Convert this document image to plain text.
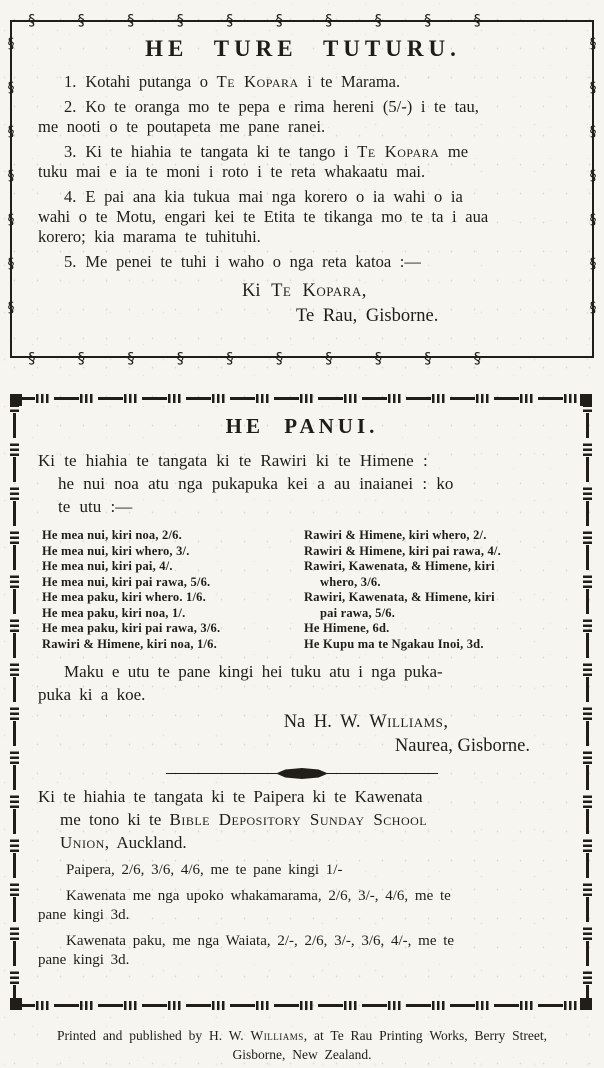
§§§§§§§§§§
§§§§§§§§§§
§§§§§§§	§§§§§§§
HE TURE TUTURU.

1. Kotahi putanga o Te Kopara i te Marama.

2. Ko te oranga mo te pepa e rima hereni (5/-) i te tau,
me nooti o te poutapeta me pane ranei.

3. Ki te hiahia te tangata ki te tango i Te Kopara me
tuku mai e ia te moni i roto i te reta whakaatu mai.

4. E pai ana kia tukua mai nga korero o ia wahi o ia
wahi o te Motu, engari kei te Etita te tikanga mo te ta i aua
korero; kia marama te tuhituhi.

5. Me penei te tuhi i waho o nga reta katoa :—

Ki Te Kopara,
Te Rau, Gisborne.
HE PANUI.

Ki te hiahia te tangata ki te Rawiri ki te Himene :
he nui noa atu nga pukapuka kei a au inaianei : ko
te utu :—

He mea nui, kiri noa, 2/6.
He mea nui, kiri whero, 3/.
He mea nui, kiri pai, 4/.
He mea nui, kiri pai rawa, 5/6.
He mea paku, kiri whero. 1/6.
He mea paku, kiri noa, 1/.
He mea paku, kiri pai rawa, 3/6.
Rawiri & Himene, kiri noa, 1/6.
Rawiri & Himene, kiri whero, 2/.
Rawiri & Himene, kiri pai rawa, 4/.
Rawiri, Kawenata, & Himene, kiri
whero, 3/6.
Rawiri, Kawenata, & Himene, kiri
pai rawa, 5/6.
He Himene, 6d.
He Kupu ma te Ngakau Inoi, 3d.

Maku e utu te pane kingi hei tuku atu i nga puka-
puka ki a koe.

Na H. W. Williams,
Naurea, Gisborne.

Ki te hiahia te tangata ki te Paipera ki te Kawenata
me tono ki te Bible Depository Sunday School
Union, Auckland.

Paipera, 2/6, 3/6, 4/6, me te pane kingi 1/-

Kawenata me nga upoko whakamarama, 2/6, 3/-, 4/6, me te
pane kingi 3d.

Kawenata paku, me nga Waiata, 2/-, 2/6, 3/-, 3/6, 4/-, me te
pane kingi 3d.

Printed and published by H. W. Williams, at Te Rau Printing Works, Berry Street,
Gisborne, New Zealand.
